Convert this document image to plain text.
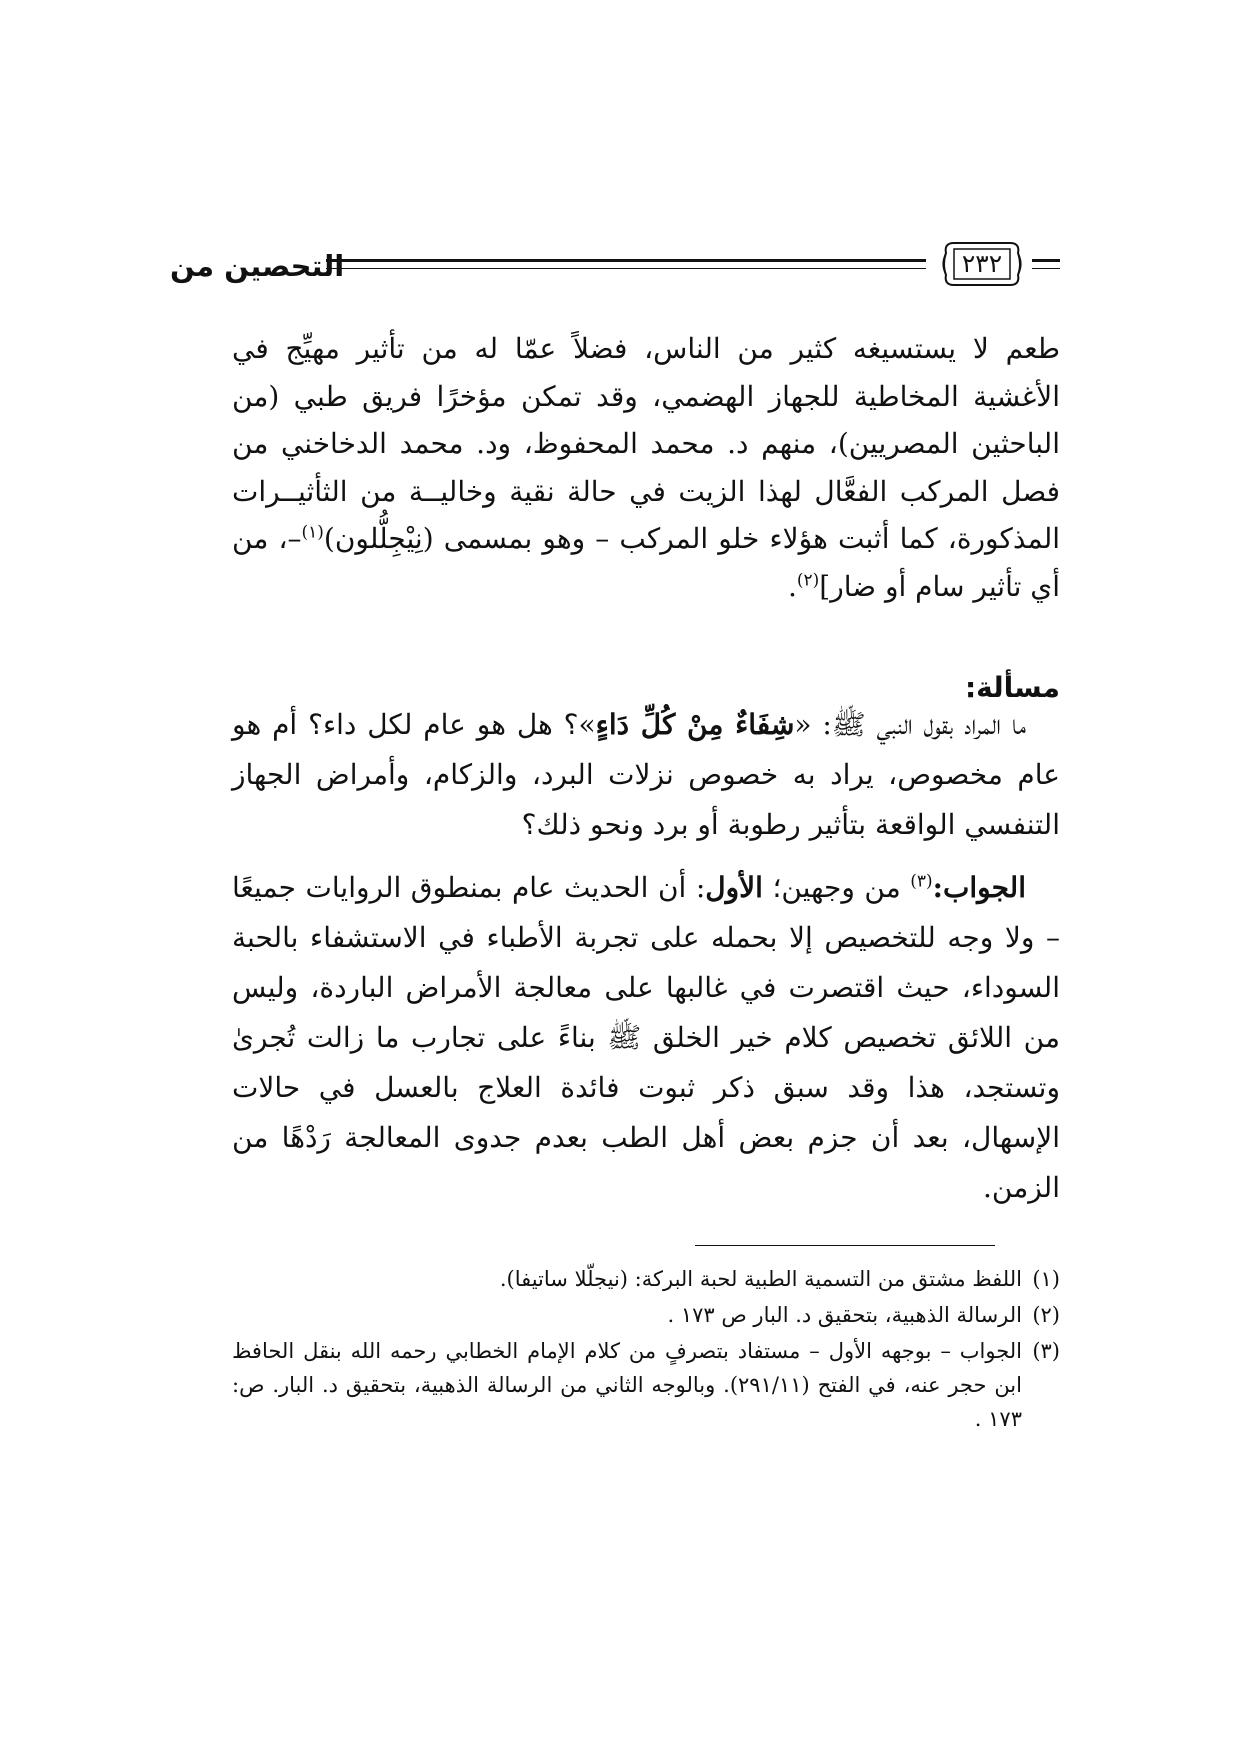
التحصين من	٢٣٢
طعم لا يستسيغه كثير من الناس، فضلاً عمّا له من تأثير مهيِّج في الأغشية المخاطية للجهاز الهضمي، وقد تمكن مؤخرًا فريق طبي (من الباحثين المصريين)، منهم د. محمد المحفوظ، ود. محمد الدخاخني من فصل المركب الفعَّال لهذا الزيت في حالة نقية وخاليــة من الثأثيــرات المذكورة، كما أثبت هؤلاء خلو المركب – وهو بمسمى (نِيْجِلُّلون)$^{(١)}$–، من أي تأثير سام أو ضار]$^{(٢)}$.
مسألة:
ما المراد بقول النبي ﷺ: «شِفَاءٌ مِنْ كُلِّ دَاءٍ»؟ هل هو عام لكل داء؟ أم هو عام مخصوص، يراد به خصوص نزلات البرد، والزكام، وأمراض الجهاز التنفسي الواقعة بتأثير رطوبة أو برد ونحو ذلك؟
الجواب:$^{(٣)}$ من وجهين؛ الأول: أن الحديث عام بمنطوق الروايات جميعًا – ولا وجه للتخصيص إلا بحمله على تجربة الأطباء في الاستشفاء بالحبة السوداء، حيث اقتصرت في غالبها على معالجة الأمراض الباردة، وليس من اللائق تخصيص كلام خير الخلق ﷺ بناءً على تجارب ما زالت تُجرىٰ وتستجد، هذا وقد سبق ذكر ثبوت فائدة العلاج بالعسل في حالات الإسهال، بعد أن جزم بعض أهل الطب بعدم جدوى المعالجة رَدْهًا من الزمن.
(١)
اللفظ مشتق من التسمية الطبية لحبة البركة: (نيجلّلا ساتيفا).
(٢)
الرسالة الذهبية، بتحقيق د. البار ص ١٧٣ .
(٣)
الجواب – بوجهه الأول – مستفاد بتصرفٍ من كلام الإمام الخطابي رحمه الله بنقل الحافظ ابن حجر عنه، في الفتح (٢٩١/١١). وبالوجه الثاني من الرسالة الذهبية، بتحقيق د. البار. ص: ١٧٣ .
